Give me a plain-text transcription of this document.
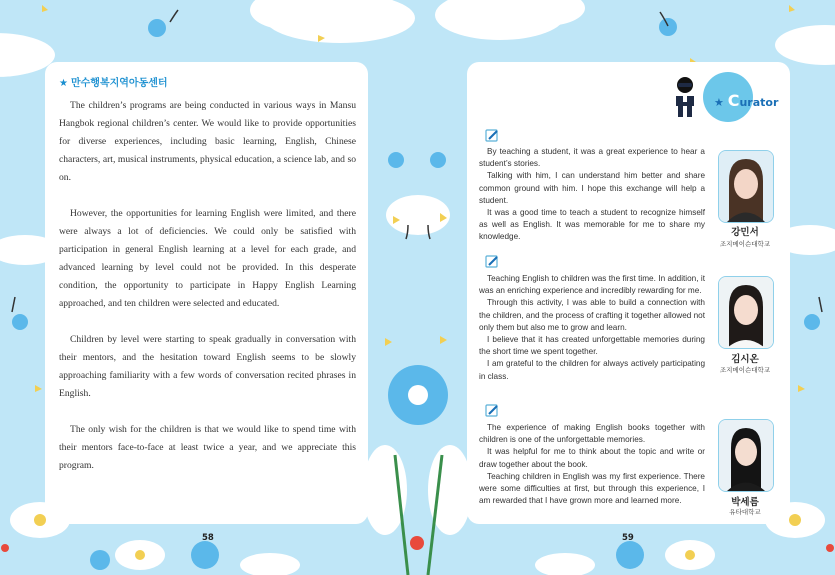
★ 만수행복지역아동센터

The children’s programs are being conducted in various ways in Mansu Hangbok regional children’s center. We would like to provide opportunities for diverse experiences, including basic learning, English, Chinese characters, art, musical instruments, physical education, a science lab, and so on.

However, the opportunities for learning English were limited, and there were always a lot of deficiencies. We could only be satisfied with participation in general English learning at a level for each grade, and advanced learning by level could not be provided. In this desperate condition, the opportunity to participate in Happy English Learning approached, and ten children were selected and educated.

Children by level were starting to speak gradually in conversation with their mentors, and the hesitation toward English seems to be slowly approaching familiarity with a few words of conversation recited phrases in English.

The only wish for the children is that we would like to spend time with their mentors face-to-face at least twice a year, and we appreciate this program.

58
★ Curator

By teaching a student, it was a great experience to hear a student’s stories.

Talking with him, I can understand him better and share common ground with him. I hope this exchange will help a student.

It was a good time to teach a student to recognize himself as well as English. It was memorable for me to share my knowledge.	강민서
조지메이슨대학교

Teaching English to children was the first time. In addition, it was an enriching experience and incredibly rewarding for me.

Through this activity, I was able to build a connection with the children, and the process of crafting it together allowed not only them but also me to grow and learn.

I believe that it has created unforgettable memories during the short time we spent together.

I am grateful to the children for always actively participating in class.

김시온
조지메이슨대학교

The experience of making English books together with children is one of the unforgettable memories.

It was helpful for me to think about the topic and write or draw together about the book.

Teaching children in English was my first experience. There were some difficulties at first, but through this experience, I am rewarded that I have grown more and learned more.	박세름
유타대학교
59
